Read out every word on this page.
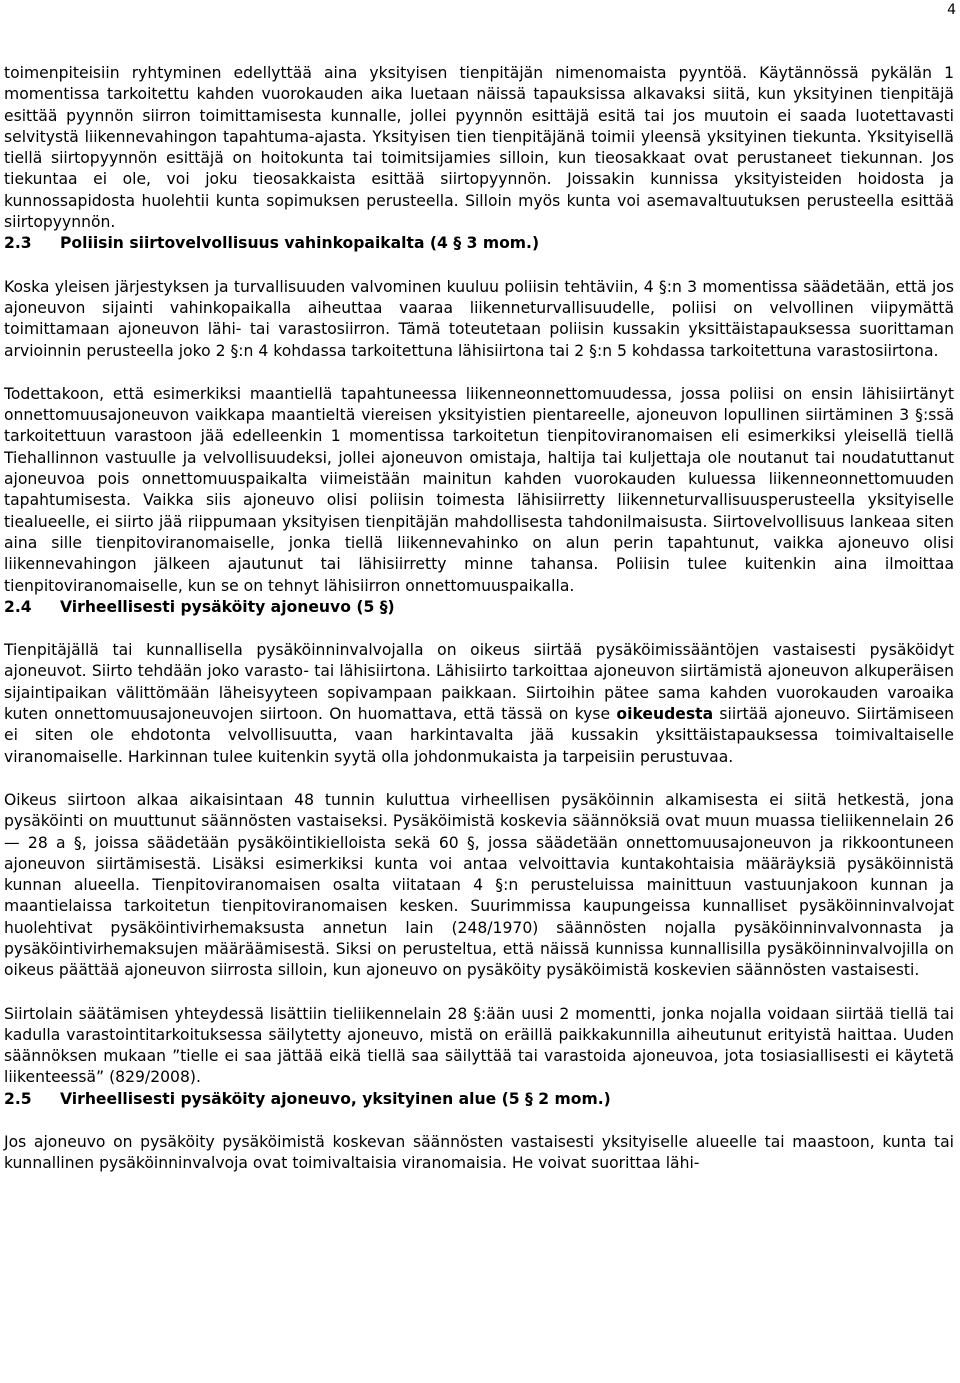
4

toimenpiteisiin ryhtyminen edellyttää aina yksityisen tienpitäjän nimenomaista pyyntöä. Käytännössä pykälän 1 momentissa tarkoitettu kahden vuorokauden aika luetaan näissä tapauksissa alkavaksi siitä, kun yksityinen tienpitäjä esittää pyynnön siirron toimittamisesta kunnalle, jollei pyynnön esittäjä esitä tai jos muutoin ei saada luotettavasti selvitystä liikennevahingon tapahtuma-ajasta. Yksityisen tien tienpitäjänä toimii yleensä yksityinen tiekunta. Yksityisellä tiellä siirtopyynnön esittäjä on hoitokunta tai toimitsijamies silloin, kun tieosakkaat ovat perustaneet tiekunnan. Jos tiekuntaa ei ole, voi joku tieosakkaista esittää siirtopyynnön. Joissakin kunnissa yksityisteiden hoidosta ja kunnossapidosta huolehtii kunta sopimuksen perusteella. Silloin myös kunta voi asemavaltuutuksen perusteella esittää siirtopyynnön.

2.3 Poliisin siirtovelvollisuus vahinkopaikalta (4 § 3 mom.)

Koska yleisen järjestyksen ja turvallisuuden valvominen kuuluu poliisin tehtäviin, 4 §:n 3 momentissa säädetään, että jos ajoneuvon sijainti vahinkopaikalla aiheuttaa vaaraa liikenneturvallisuudelle, poliisi on velvollinen viipymättä toimittamaan ajoneuvon lähi- tai varastosiirron. Tämä toteutetaan poliisin kussakin yksittäistapauksessa suorittaman arvioinnin perusteella joko 2 §:n 4 kohdassa tarkoitettuna lähisiirtona tai 2 §:n 5 kohdassa tarkoitettuna varastosiirtona.

Todettakoon, että esimerkiksi maantiellä tapahtuneessa liikenneonnettomuudessa, jossa poliisi on ensin lähisiirtänyt onnettomuusajoneuvon vaikkapa maantieltä viereisen yksityistien pientareelle, ajoneuvon lopullinen siirtäminen 3 §:ssä tarkoitettuun varastoon jää edelleenkin 1 momentissa tarkoitetun tienpitoviranomaisen eli esimerkiksi yleisellä tiellä Tiehallinnon vastuulle ja velvollisuudeksi, jollei ajoneuvon omistaja, haltija tai kuljettaja ole noutanut tai noudatuttanut ajoneuvoa pois onnettomuuspaikalta viimeistään mainitun kahden vuorokauden kuluessa liikenneonnettomuuden tapahtumisesta. Vaikka siis ajoneuvo olisi poliisin toimesta lähisiirretty liikenneturvallisuusperusteella yksityiselle tiealueelle, ei siirto jää riippumaan yksityisen tienpitäjän mahdollisesta tahdonilmaisusta. Siirtovelvollisuus lankeaa siten aina sille tienpitoviranomaiselle, jonka tiellä liikennevahinko on alun perin tapahtunut, vaikka ajoneuvo olisi liikennevahingon jälkeen ajautunut tai lähisiirretty minne tahansa. Poliisin tulee kuitenkin aina ilmoittaa tienpitoviranomaiselle, kun se on tehnyt lähisiirron onnettomuuspaikalla.

2.4 Virheellisesti pysäköity ajoneuvo (5 §)

Tienpitäjällä tai kunnallisella pysäköinninvalvojalla on oikeus siirtää pysäköimissääntöjen vastaisesti pysäköidyt ajoneuvot. Siirto tehdään joko varasto- tai lähisiirtona. Lähisiirto tarkoittaa ajoneuvon siirtämistä ajoneuvon alkuperäisen sijaintipaikan välittömään läheisyyteen sopivampaan paikkaan. Siirtoihin pätee sama kahden vuorokauden varoaika kuten onnettomuusajoneuvojen siirtoon. On huomattava, että tässä on kyse oikeudesta siirtää ajoneuvo. Siirtämiseen ei siten ole ehdotonta velvollisuutta, vaan harkintavalta jää kussakin yksittäistapauksessa toimivaltaiselle viranomaiselle. Harkinnan tulee kuitenkin syytä olla johdonmukaista ja tarpeisiin perustuvaa.

Oikeus siirtoon alkaa aikaisintaan 48 tunnin kuluttua virheellisen pysäköinnin alkamisesta ei siitä hetkestä, jona pysäköinti on muuttunut säännösten vastaiseksi. Pysäköimistä koskevia säännöksiä ovat muun muassa tieliikennelain 26 — 28 a §, joissa säädetään pysäköintikielloista sekä 60 §, jossa säädetään onnettomuusajoneuvon ja rikkoontuneen ajoneuvon siirtämisestä. Lisäksi esimerkiksi kunta voi antaa velvoittavia kuntakohtaisia määräyksiä pysäköinnistä kunnan alueella. Tienpitoviranomaisen osalta viitataan 4 §:n perusteluissa mainittuun vastuunjakoon kunnan ja maantielaissa tarkoitetun tienpitoviranomaisen kesken. Suurimmissa kaupungeissa kunnalliset pysäköinninvalvojat huolehtivat pysäköintivirhemaksusta annetun lain (248/1970) säännösten nojalla pysäköinninvalvonnasta ja pysäköintivirhemaksujen määräämisestä. Siksi on perusteltua, että näissä kunnissa kunnallisilla pysäköinninvalvojilla on oikeus päättää ajoneuvon siirrosta silloin, kun ajoneuvo on pysäköity pysäköimistä koskevien säännösten vastaisesti.

Siirtolain säätämisen yhteydessä lisättiin tieliikennelain 28 §:ään uusi 2 momentti, jonka nojalla voidaan siirtää tiellä tai kadulla varastointitarkoituksessa säilytetty ajoneuvo, mistä on eräillä paikkakunnilla aiheutunut erityistä haittaa. Uuden säännöksen mukaan ”tielle ei saa jättää eikä tiellä saa säilyttää tai varastoida ajoneuvoa, jota tosiasiallisesti ei käytetä liikenteessä” (829/2008).

2.5 Virheellisesti pysäköity ajoneuvo, yksityinen alue (5 § 2 mom.)

Jos ajoneuvo on pysäköity pysäköimistä koskevan säännösten vastaisesti yksityiselle alueelle tai maastoon, kunta tai kunnallinen pysäköinninvalvoja ovat toimivaltaisia viranomaisia. He voivat suorittaa lähi-
